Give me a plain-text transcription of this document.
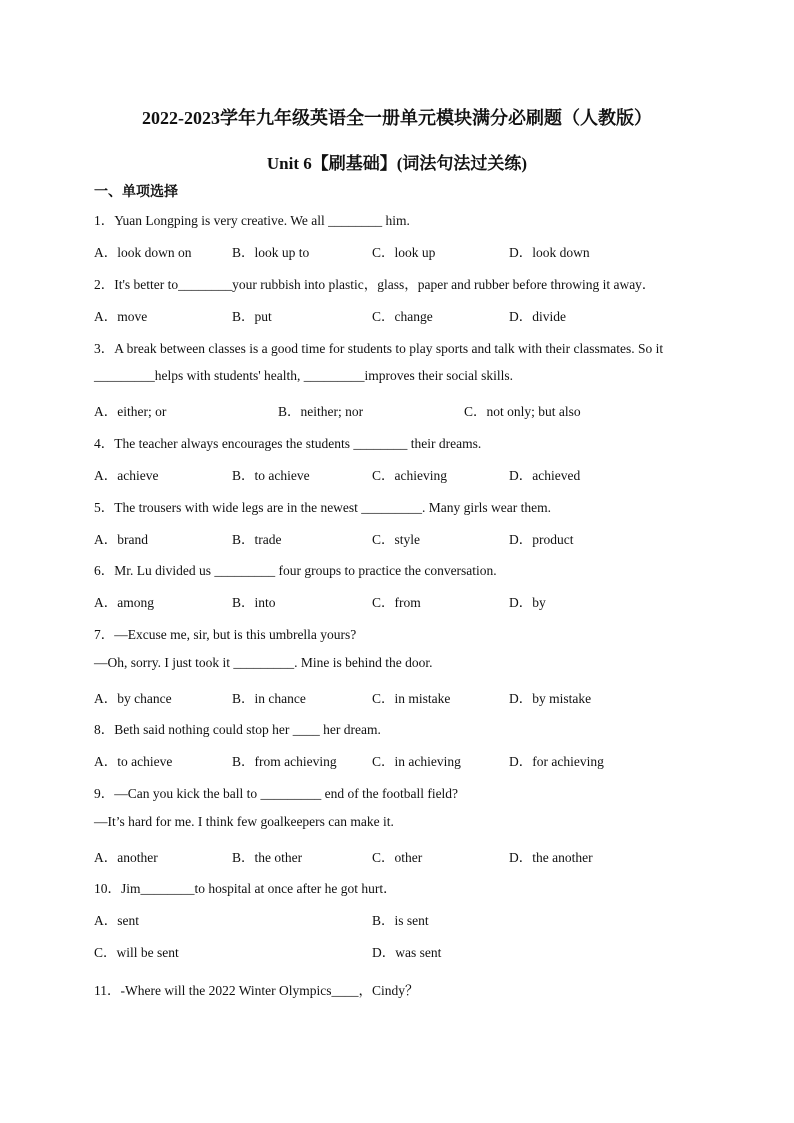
2022-2023学年九年级英语全一册单元模块满分必刷题（人教版）
Unit 6【刷基础】(词法句法过关练)
一、单项选择
1．Yuan Longping is very creative. We all ________ him.
A．look down on	B．look up to	C．look up	D．look down
2．It's better to________your rubbish into plastic，glass，paper and rubber before throwing it away．
A．move	B．put	C．change	D．divide
3．A break between classes is a good time for students to play sports and talk with their classmates. So it
_________helps with students' health, _________improves their social skills.
A．either; or	B．neither; nor	C．not only; but also
4．The teacher always encourages the students ________ their dreams.
A．achieve	B．to achieve	C．achieving	D．achieved
5．The trousers with wide legs are in the newest _________. Many girls wear them.
A．brand	B．trade	C．style	D．product
6．Mr. Lu divided us _________ four groups to practice the conversation.
A．among	B．into	C．from	D．by
7．—Excuse me, sir, but is this umbrella yours?
—Oh, sorry. I just took it _________. Mine is behind the door.
A．by chance	B．in chance	C．in mistake	D．by mistake
8．Beth said nothing could stop her ____ her dream.
A．to achieve	B．from achieving	C．in achieving	D．for achieving
9．—Can you kick the ball to _________ end of the football field?
—It’s hard for me. I think few goalkeepers can make it.
A．another	B．the other	C．other	D．the another
10．Jim________to hospital at once after he got hurt．
A．sent	B．is sent
C．will be sent	D．was sent
11．-Where will the 2022 Winter Olympics____，Cindy？
